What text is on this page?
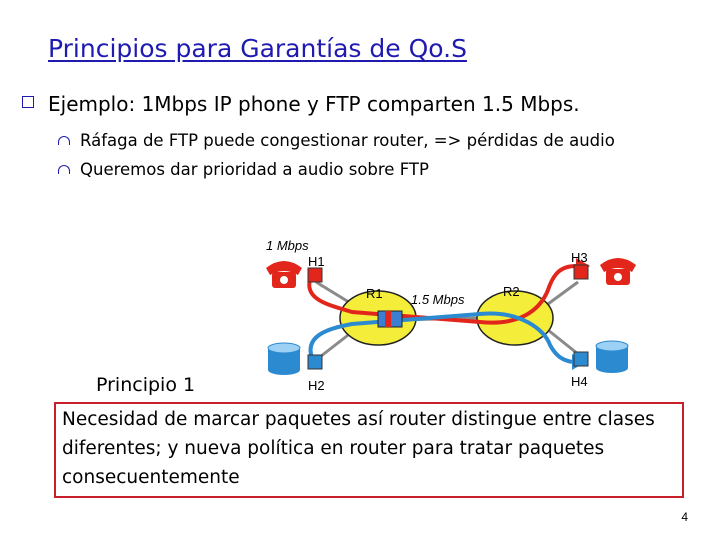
Principios para Garantías de Qo.S
Ejemplo: 1Mbps IP phone y FTP comparten 1.5 Mbps.
Ráfaga de FTP puede congestionar router, => pérdidas de audio
Queremos dar prioridad a audio sobre FTP
1 Mbps
1.5 Mbps
H1
H2
H3
H4
R1	R2
Principio 1
Necesidad de marcar paquetes así router distingue entre clases diferentes; y nueva política en router para tratar paquetes consecuentemente
4
